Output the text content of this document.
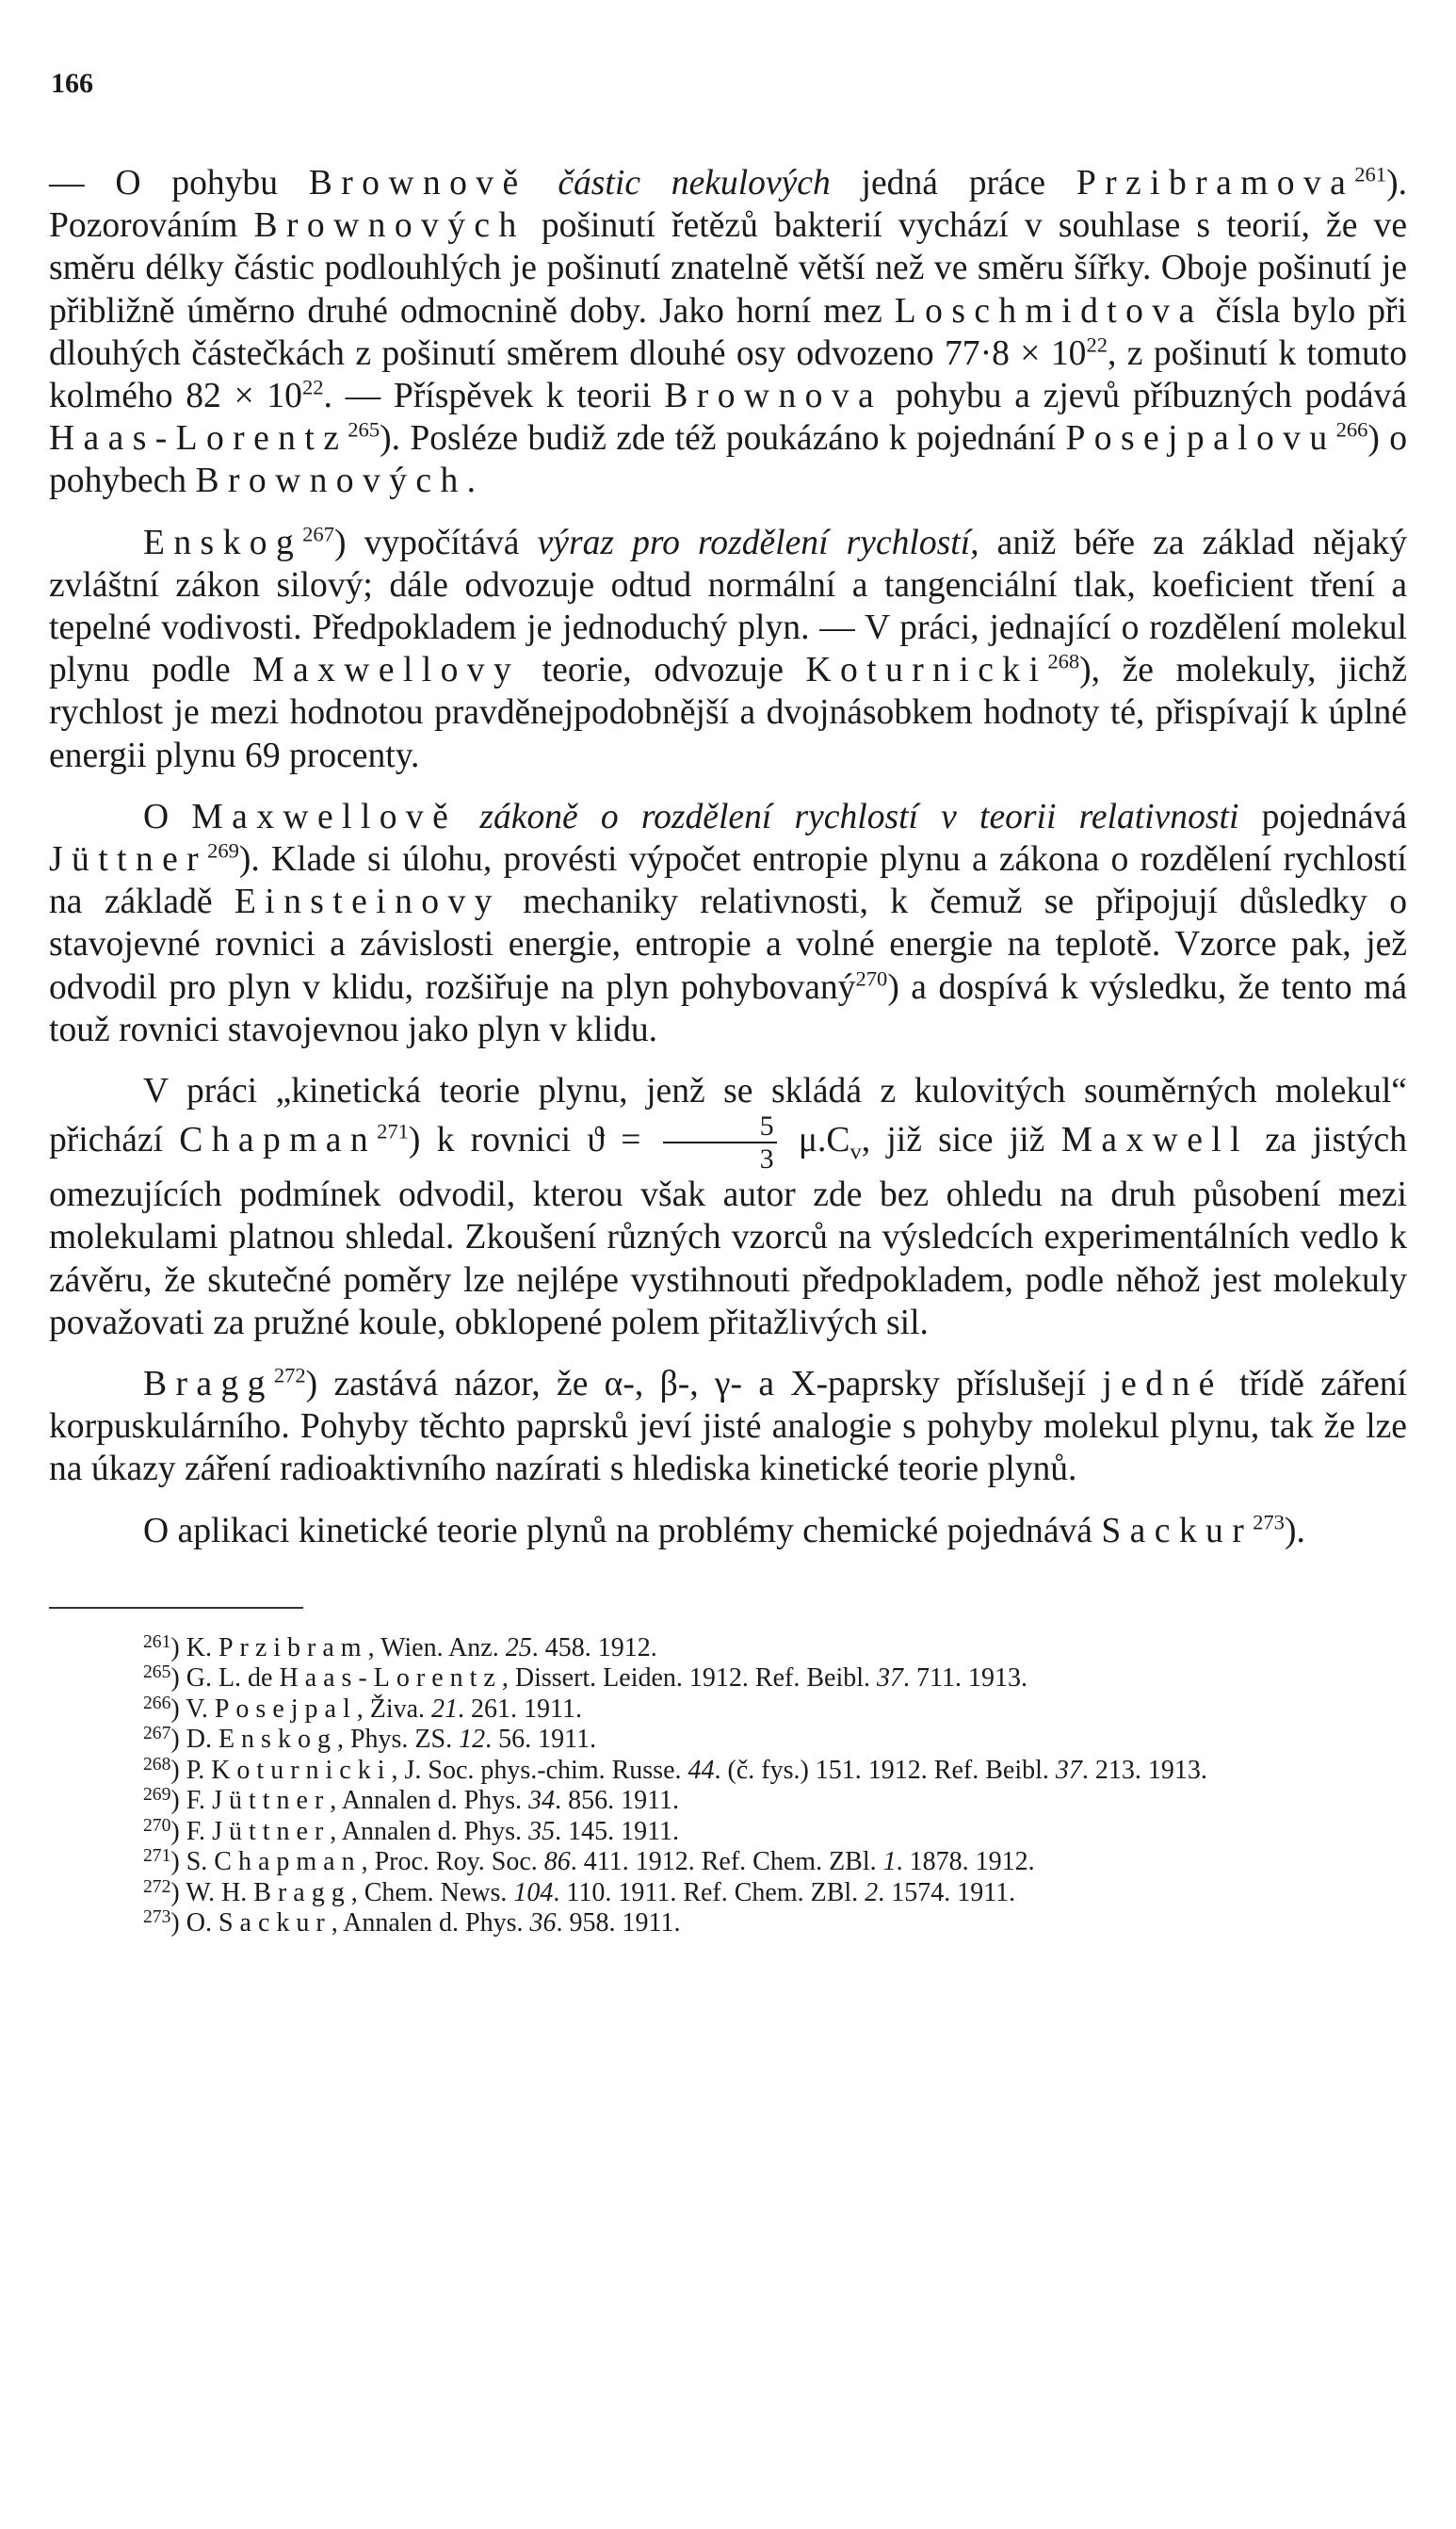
166

— O pohybu Brownově částic nekulových jedná práce Przibramova$^{261}$). Pozorováním Brownových pošinutí řetězů bakterií vychází v souhlase s teorií, že ve směru délky částic podlouhlých je pošinutí znatelně větší než ve směru šířky. Oboje pošinutí je přibližně úměrno druhé odmocnině doby. Jako horní mez Loschmidtova čísla bylo při dlouhých částečkách z pošinutí směrem dlouhé osy odvozeno $77\cdot 8 \times 10^{22}$, z pošinutí k tomuto kolmého $82 \times 10^{22}$. — Příspěvek k teorii Brownova pohybu a zjevů příbuzných podává Haas-Lorentz$^{265}$). Posléze budiž zde též poukázáno k pojednání Posejpalovu$^{266}$) o pohybech Brownových.

Enskog$^{267}$) vypočítává výraz pro rozdělení rychlostí, aniž béře za základ nějaký zvláštní zákon silový; dále odvozuje odtud normální a tangenciální tlak, koeficient tření a tepelné vodivosti. Předpokladem je jednoduchý plyn. — V práci, jednající o rozdělení molekul plynu podle Maxwellovy teorie, odvozuje Koturnicki$^{268}$), že molekuly, jichž rychlost je mezi hodnotou pravděnejpodobnější a dvojnásobkem hodnoty té, přispívají k úplné energii plynu 69 procenty.

O Maxwellově zákoně o rozdělení rychlostí v teorii relativnosti pojednává Jüttner$^{269}$). Klade si úlohu, provésti výpočet entropie plynu a zákona o rozdělení rychlostí na základě Einsteinovy mechaniky relativnosti, k čemuž se připojují důsledky o stavojevné rovnici a závislosti energie, entropie a volné energie na teplotě. Vzorce pak, jež odvodil pro plyn v klidu, rozšiřuje na plyn pohybovaný$^{270}$) a dospívá k výsledku, že tento má touž rovnici stavojevnou jako plyn v klidu.

V práci „kinetická teorie plynu, jenž se skládá z kulovitých souměrných molekul“ přichází Chapman$^{271}$) k rovnici $ϑ = \frac{5}{3} \mu.C_v$, již sice již Maxwell za jistých omezujících podmínek odvodil, kterou však autor zde bez ohledu na druh působení mezi molekulami platnou shledal. Zkoušení různých vzorců na výsledcích experimentálních vedlo k závěru, že skutečné poměry lze nejlépe vystihnouti předpokladem, podle něhož jest molekuly považovati za pružné koule, obklopené polem přitažlivých sil.

Bragg$^{272}$) zastává názor, že α-, β-, γ- a X-paprsky příslušejí jedné třídě záření korpuskulárního. Pohyby těchto paprsků jeví jisté analogie s pohyby molekul plynu, tak že lze na úkazy záření radioaktivního nazírati s hlediska kinetické teorie plynů.

O aplikaci kinetické teorie plynů na problémy chemické pojednává Sackur$^{273}$).

$^{261}$) K. Przibram, Wien. Anz. 25. 458. 1912.

$^{265}$) G. L. de Haas-Lorentz, Dissert. Leiden. 1912. Ref. Beibl. 37. 711. 1913.

$^{266}$) V. Posejpal, Živa. 21. 261. 1911.

$^{267}$) D. Enskog, Phys. ZS. 12. 56. 1911.

$^{268}$) P. Koturnicki, J. Soc. phys.-chim. Russe. 44. (č. fys.) 151. 1912. Ref. Beibl. 37. 213. 1913.

$^{269}$) F. Jüttner, Annalen d. Phys. 34. 856. 1911.

$^{270}$) F. Jüttner, Annalen d. Phys. 35. 145. 1911.

$^{271}$) S. Chapman, Proc. Roy. Soc. 86. 411. 1912. Ref. Chem. ZBl. 1. 1878. 1912.

$^{272}$) W. H. Bragg, Chem. News. 104. 110. 1911. Ref. Chem. ZBl. 2. 1574. 1911.

$^{273}$) O. Sackur, Annalen d. Phys. 36. 958. 1911.
